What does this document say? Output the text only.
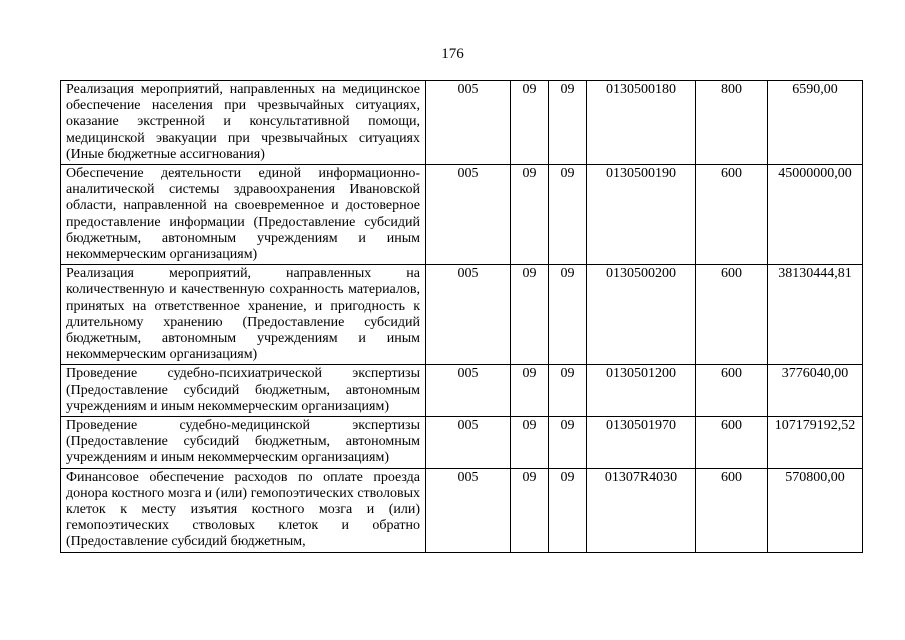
176
Реализация мероприятий, направленных на медицинское обеспечение населения при чрезвычайных ситуациях, оказание экстренной и консультативной помощи, медицинской эвакуации при чрезвычайных ситуациях (Иные бюджетные ассигнования)	005	09	09	0130500180	800	6590,00
Обеспечение деятельности единой информационно-аналитической системы здравоохранения Ивановской области, направленной на своевременное и достоверное предоставление информации (Предоставление субсидий бюджетным, автономным учреждениям и иным некоммерческим организациям)	005	09	09	0130500190	600	45000000,00
Реализация мероприятий, направленных на количественную и качественную сохранность материалов, принятых на ответственное хранение, и пригодность к длительному хранению (Предоставление субсидий бюджетным, автономным учреждениям и иным некоммерческим организациям)	005	09	09	0130500200	600	38130444,81
Проведение судебно-психиатрической экспертизы (Предоставление субсидий бюджетным, автономным учреждениям и иным некоммерческим организациям)	005	09	09	0130501200	600	3776040,00
Проведение судебно-медицинской экспертизы (Предоставление субсидий бюджетным, автономным учреждениям и иным некоммерческим организациям)	005	09	09	0130501970	600	107179192,52
Финансовое обеспечение расходов по оплате проезда донора костного мозга и (или) гемопоэтических стволовых клеток к месту изъятия костного мозга и (или) гемопоэтических стволовых клеток и обратно (Предоставление субсидий бюджетным,	005	09	09	01307R4030	600	570800,00
